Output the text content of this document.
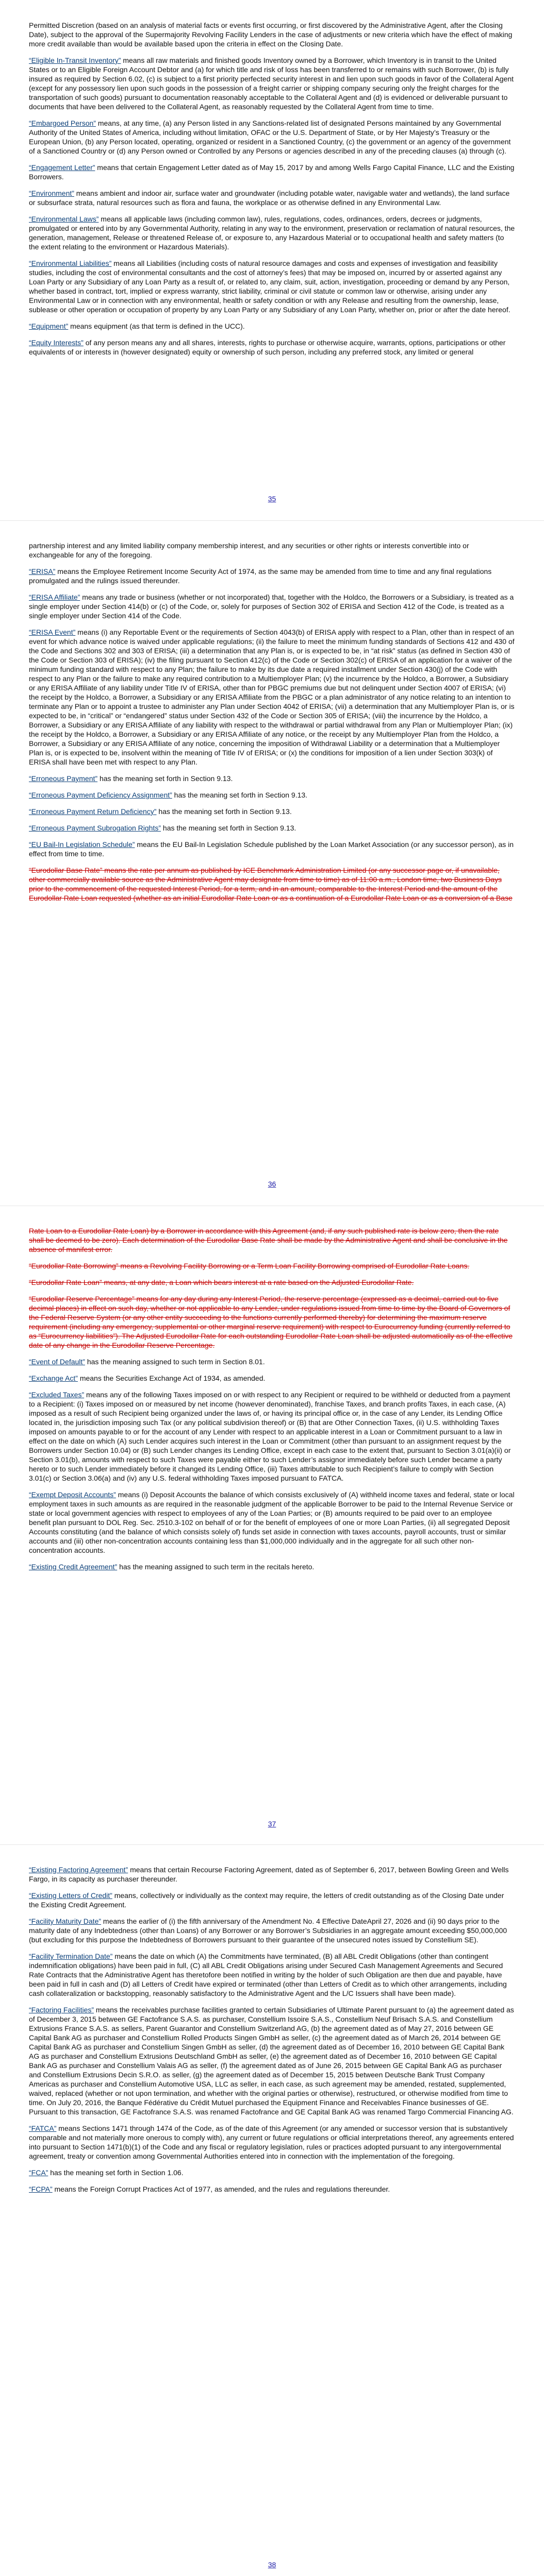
Permitted Discretion (based on an analysis of material facts or events first occurring, or first discovered by the Administrative Agent, after the Closing Date), subject to the approval of the Supermajority Revolving Facility Lenders in the case of adjustments or new criteria which have the effect of making more credit available than would be available based upon the criteria in effect on the Closing Date.

“Eligible In-Transit Inventory” means all raw materials and finished goods Inventory owned by a Borrower, which Inventory is in transit to the United States or to an Eligible Foreign Account Debtor and (a) for which title and risk of loss has been transferred to or remains with such Borrower, (b) is fully insured as required by Section 6.02, (c) is subject to a first priority perfected security interest in and lien upon such goods in favor of the Collateral Agent (except for any possessory lien upon such goods in the possession of a freight carrier or shipping company securing only the freight charges for the transportation of such goods) pursuant to documentation reasonably acceptable to the Collateral Agent and (d) is evidenced or deliverable pursuant to documents that have been delivered to the Collateral Agent, as reasonably requested by the Collateral Agent from time to time.

“Embargoed Person” means, at any time, (a) any Person listed in any Sanctions-related list of designated Persons maintained by any Governmental Authority of the United States of America, including without limitation, OFAC or the U.S. Department of State, or by Her Majesty’s Treasury or the European Union, (b) any Person located, operating, organized or resident in a Sanctioned Country, (c) the government or an agency of the government of a Sanctioned Country or (d) any Person owned or Controlled by any Persons or agencies described in any of the preceding clauses (a) through (c).

“Engagement Letter” means that certain Engagement Letter dated as of May 15, 2017 by and among Wells Fargo Capital Finance, LLC and the Existing Borrowers.

“Environment” means ambient and indoor air, surface water and groundwater (including potable water, navigable water and wetlands), the land surface or subsurface strata, natural resources such as flora and fauna, the workplace or as otherwise defined in any Environmental Law.

“Environmental Laws” means all applicable laws (including common law), rules, regulations, codes, ordinances, orders, decrees or judgments, promulgated or entered into by any Governmental Authority, relating in any way to the environment, preservation or reclamation of natural resources, the generation, management, Release or threatened Release of, or exposure to, any Hazardous Material or to occupational health and safety matters (to the extent relating to the environment or Hazardous Materials).

“Environmental Liabilities” means all Liabilities (including costs of natural resource damages and costs and expenses of investigation and feasibility studies, including the cost of environmental consultants and the cost of attorney’s fees) that may be imposed on, incurred by or asserted against any Loan Party or any Subsidiary of any Loan Party as a result of, or related to, any claim, suit, action, investigation, proceeding or demand by any Person, whether based in contract, tort, implied or express warranty, strict liability, criminal or civil statute or common law or otherwise, arising under any Environmental Law or in connection with any environmental, health or safety condition or with any Release and resulting from the ownership, lease, sublease or other operation or occupation of property by any Loan Party or any Subsidiary of any Loan Party, whether on, prior or after the date hereof.

“Equipment” means equipment (as that term is defined in the UCC).

“Equity Interests” of any person means any and all shares, interests, rights to purchase or otherwise acquire, warrants, options, participations or other equivalents of or interests in (however designated) equity or ownership of such person, including any preferred stock, any limited or general

35

partnership interest and any limited liability company membership interest, and any securities or other rights or interests convertible into or exchangeable for any of the foregoing.

“ERISA” means the Employee Retirement Income Security Act of 1974, as the same may be amended from time to time and any final regulations promulgated and the rulings issued thereunder.

“ERISA Affiliate” means any trade or business (whether or not incorporated) that, together with the Holdco, the Borrowers or a Subsidiary, is treated as a single employer under Section 414(b) or (c) of the Code, or, solely for purposes of Section 302 of ERISA and Section 412 of the Code, is treated as a single employer under Section 414 of the Code.

“ERISA Event” means (i) any Reportable Event or the requirements of Section 4043(b) of ERISA apply with respect to a Plan, other than in respect of an event for which advance notice is waived under applicable regulations; (ii) the failure to meet the minimum funding standards of Sections 412 and 430 of the Code and Sections 302 and 303 of ERISA; (iii) a determination that any Plan is, or is expected to be, in “at risk” status (as defined in Section 430 of the Code or Section 303 of ERISA); (iv) the filing pursuant to Section 412(c) of the Code or Section 302(c) of ERISA of an application for a waiver of the minimum funding standard with respect to any Plan; the failure to make by its due date a required installment under Section 430(j) of the Code with respect to any Plan or the failure to make any required contribution to a Multiemployer Plan; (v) the incurrence by the Holdco, a Borrower, a Subsidiary or any ERISA Affiliate of any liability under Title IV of ERISA, other than for PBGC premiums due but not delinquent under Section 4007 of ERISA; (vi) the receipt by the Holdco, a Borrower, a Subsidiary or any ERISA Affiliate from the PBGC or a plan administrator of any notice relating to an intention to terminate any Plan or to appoint a trustee to administer any Plan under Section 4042 of ERISA; (vii) a determination that any Multiemployer Plan is, or is expected to be, in “critical” or “endangered” status under Section 432 of the Code or Section 305 of ERISA; (viii) the incurrence by the Holdco, a Borrower, a Subsidiary or any ERISA Affiliate of any liability with respect to the withdrawal or partial withdrawal from any Plan or Multiemployer Plan; (ix) the receipt by the Holdco, a Borrower, a Subsidiary or any ERISA Affiliate of any notice, or the receipt by any Multiemployer Plan from the Holdco, a Borrower, a Subsidiary or any ERISA Affiliate of any notice, concerning the imposition of Withdrawal Liability or a determination that a Multiemployer Plan is, or is expected to be, insolvent within the meaning of Title IV of ERISA; or (x) the conditions for imposition of a lien under Section 303(k) of ERISA shall have been met with respect to any Plan.

“Erroneous Payment” has the meaning set forth in Section 9.13.

“Erroneous Payment Deficiency Assignment” has the meaning set forth in Section 9.13.

“Erroneous Payment Return Deficiency” has the meaning set forth in Section 9.13.

“Erroneous Payment Subrogation Rights” has the meaning set forth in Section 9.13.

“EU Bail-In Legislation Schedule” means the EU Bail-In Legislation Schedule published by the Loan Market Association (or any successor person), as in effect from time to time.

“Eurodollar Base Rate” means the rate per annum as published by ICE Benchmark Administration Limited (or any successor page or, if unavailable, other commercially available source as the Administrative Agent may designate from time to time) as of 11:00 a.m., London time, two Business Days prior to the commencement of the requested Interest Period, for a term, and in an amount, comparable to the Interest Period and the amount of the Eurodollar Rate Loan requested (whether as an initial Eurodollar Rate Loan or as a continuation of a Eurodollar Rate Loan or as a conversion of a Base

36

Rate Loan to a Eurodollar Rate Loan) by a Borrower in accordance with this Agreement (and, if any such published rate is below zero, then the rate shall be deemed to be zero). Each determination of the Eurodollar Base Rate shall be made by the Administrative Agent and shall be conclusive in the absence of manifest error.

“Eurodollar Rate Borrowing” means a Revolving Facility Borrowing or a Term Loan Facility Borrowing comprised of Eurodollar Rate Loans.

“Eurodollar Rate Loan” means, at any date, a Loan which bears interest at a rate based on the Adjusted Eurodollar Rate.

“Eurodollar Reserve Percentage” means for any day during any Interest Period, the reserve percentage (expressed as a decimal, carried out to five decimal places) in effect on such day, whether or not applicable to any Lender, under regulations issued from time to time by the Board of Governors of the Federal Reserve System (or any other entity succeeding to the functions currently performed thereby) for determining the maximum reserve requirement (including any emergency, supplemental or other marginal reserve requirement) with respect to Eurocurrency funding (currently referred to as “Eurocurrency liabilities”). The Adjusted Eurodollar Rate for each outstanding Eurodollar Rate Loan shall be adjusted automatically as of the effective date of any change in the Eurodollar Reserve Percentage.

“Event of Default” has the meaning assigned to such term in Section 8.01.

“Exchange Act” means the Securities Exchange Act of 1934, as amended.

“Excluded Taxes” means any of the following Taxes imposed on or with respect to any Recipient or required to be withheld or deducted from a payment to a Recipient: (i) Taxes imposed on or measured by net income (however denominated), franchise Taxes, and branch profits Taxes, in each case, (A) imposed as a result of such Recipient being organized under the laws of, or having its principal office or, in the case of any Lender, its Lending Office located in, the jurisdiction imposing such Tax (or any political subdivision thereof) or (B) that are Other Connection Taxes, (ii) U.S. withholding Taxes imposed on amounts payable to or for the account of any Lender with respect to an applicable interest in a Loan or Commitment pursuant to a law in effect on the date on which (A) such Lender acquires such interest in the Loan or Commitment (other than pursuant to an assignment request by the Borrowers under Section 10.04) or (B) such Lender changes its Lending Office, except in each case to the extent that, pursuant to Section 3.01(a)(ii) or Section 3.01(b), amounts with respect to such Taxes were payable either to such Lender’s assignor immediately before such Lender became a party hereto or to such Lender immediately before it changed its Lending Office, (iii) Taxes attributable to such Recipient’s failure to comply with Section 3.01(c) or Section 3.06(a) and (iv) any U.S. federal withholding Taxes imposed pursuant to FATCA.

“Exempt Deposit Accounts” means (i) Deposit Accounts the balance of which consists exclusively of (A) withheld income taxes and federal, state or local employment taxes in such amounts as are required in the reasonable judgment of the applicable Borrower to be paid to the Internal Revenue Service or state or local government agencies with respect to employees of any of the Loan Parties; or (B) amounts required to be paid over to an employee benefit plan pursuant to DOL Reg. Sec. 2510.3-102 on behalf of or for the benefit of employees of one or more Loan Parties, (ii) all segregated Deposit Accounts constituting (and the balance of which consists solely of) funds set aside in connection with taxes accounts, payroll accounts, trust or similar accounts and (iii) other non-concentration accounts containing less than $1,000,000 individually and in the aggregate for all such other non-concentration accounts.

“Existing Credit Agreement” has the meaning assigned to such term in the recitals hereto.

37

“Existing Factoring Agreement” means that certain Recourse Factoring Agreement, dated as of September 6, 2017, between Bowling Green and Wells Fargo, in its capacity as purchaser thereunder.

“Existing Letters of Credit” means, collectively or individually as the context may require, the letters of credit outstanding as of the Closing Date under the Existing Credit Agreement.

“Facility Maturity Date” means the earlier of (i) the fifth anniversary of the Amendment No. 4 Effective DateApril 27, 2026 and (ii) 90 days prior to the maturity date of any Indebtedness (other than Loans) of any Borrower or any Borrower’s Subsidiaries in an aggregate amount exceeding $50,000,000 (but excluding for this purpose the Indebtedness of Borrowers pursuant to their guarantee of the unsecured notes issued by Constellium SE).

“Facility Termination Date” means the date on which (A) the Commitments have terminated, (B) all ABL Credit Obligations (other than contingent indemnification obligations) have been paid in full, (C) all ABL Credit Obligations arising under Secured Cash Management Agreements and Secured Rate Contracts that the Administrative Agent has theretofore been notified in writing by the holder of such Obligation are then due and payable, have been paid in full in cash and (D) all Letters of Credit have expired or terminated (other than Letters of Credit as to which other arrangements, including cash collateralization or backstopping, reasonably satisfactory to the Administrative Agent and the L/C Issuers shall have been made).

“Factoring Facilities” means the receivables purchase facilities granted to certain Subsidiaries of Ultimate Parent pursuant to (a) the agreement dated as of December 3, 2015 between GE Factofrance S.A.S. as purchaser, Constellium Issoire S.A.S., Constellium Neuf Brisach S.A.S. and Constellium Extrusions France S.A.S. as sellers, Parent Guarantor and Constellium Switzerland AG, (b) the agreement dated as of May 27, 2016 between GE Capital Bank AG as purchaser and Constellium Rolled Products Singen GmbH as seller, (c) the agreement dated as of March 26, 2014 between GE Capital Bank AG as purchaser and Constellium Singen GmbH as seller, (d) the agreement dated as of December 16, 2010 between GE Capital Bank AG as purchaser and Constellium Extrusions Deutschland GmbH as seller, (e) the agreement dated as of December 16, 2010 between GE Capital Bank AG as purchaser and Constellium Valais AG as seller, (f) the agreement dated as of June 26, 2015 between GE Capital Bank AG as purchaser and Constellium Extrusions Decin S.R.O. as seller, (g) the agreement dated as of December 15, 2015 between Deutsche Bank Trust Company Americas as purchaser and Constellium Automotive USA, LLC as seller, in each case, as such agreement may be amended, restated, supplemented, waived, replaced (whether or not upon termination, and whether with the original parties or otherwise), restructured, or otherwise modified from time to time. On July 20, 2016, the Banque Fédérative du Crédit Mutuel purchased the Equipment Finance and Receivables Finance businesses of GE. Pursuant to this transaction, GE Factofrance S.A.S. was renamed Factofrance and GE Capital Bank AG was renamed Targo Commercial Financing AG.

“FATCA” means Sections 1471 through 1474 of the Code, as of the date of this Agreement (or any amended or successor version that is substantively comparable and not materially more onerous to comply with), any current or future regulations or official interpretations thereof, any agreements entered into pursuant to Section 1471(b)(1) of the Code and any fiscal or regulatory legislation, rules or practices adopted pursuant to any intergovernmental agreement, treaty or convention among Governmental Authorities entered into in connection with the implementation of the foregoing.

“FCA” has the meaning set forth in Section 1.06.

“FCPA” means the Foreign Corrupt Practices Act of 1977, as amended, and the rules and regulations thereunder.

38
